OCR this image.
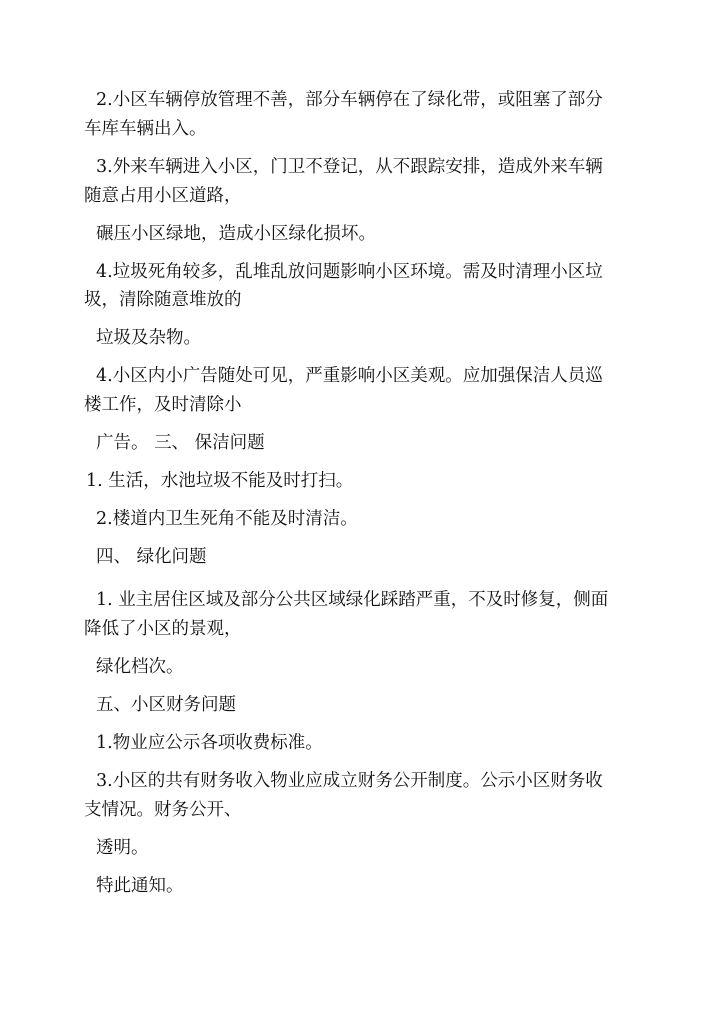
2.小区车辆停放管理不善，部分车辆停在了绿化带，或阻塞了部分
车库车辆出入。
3.外来车辆进入小区，门卫不登记，从不跟踪安排，造成外来车辆
随意占用小区道路，
碾压小区绿地，造成小区绿化损坏。
4.垃圾死角较多，乱堆乱放问题影响小区环境。需及时清理小区垃
圾，清除随意堆放的
垃圾及杂物。
4.小区内小广告随处可见，严重影响小区美观。应加强保洁人员巡
楼工作，及时清除小
广告。 三、 保洁问题
1. 生活，水池垃圾不能及时打扫。
2.楼道内卫生死角不能及时清洁。
四、 绿化问题
1. 业主居住区域及部分公共区域绿化踩踏严重，不及时修复，侧面
降低了小区的景观，
绿化档次。
五、小区财务问题
1.物业应公示各项收费标准。
3.小区的共有财务收入物业应成立财务公开制度。公示小区财务收
支情况。财务公开、
透明。
特此通知。
